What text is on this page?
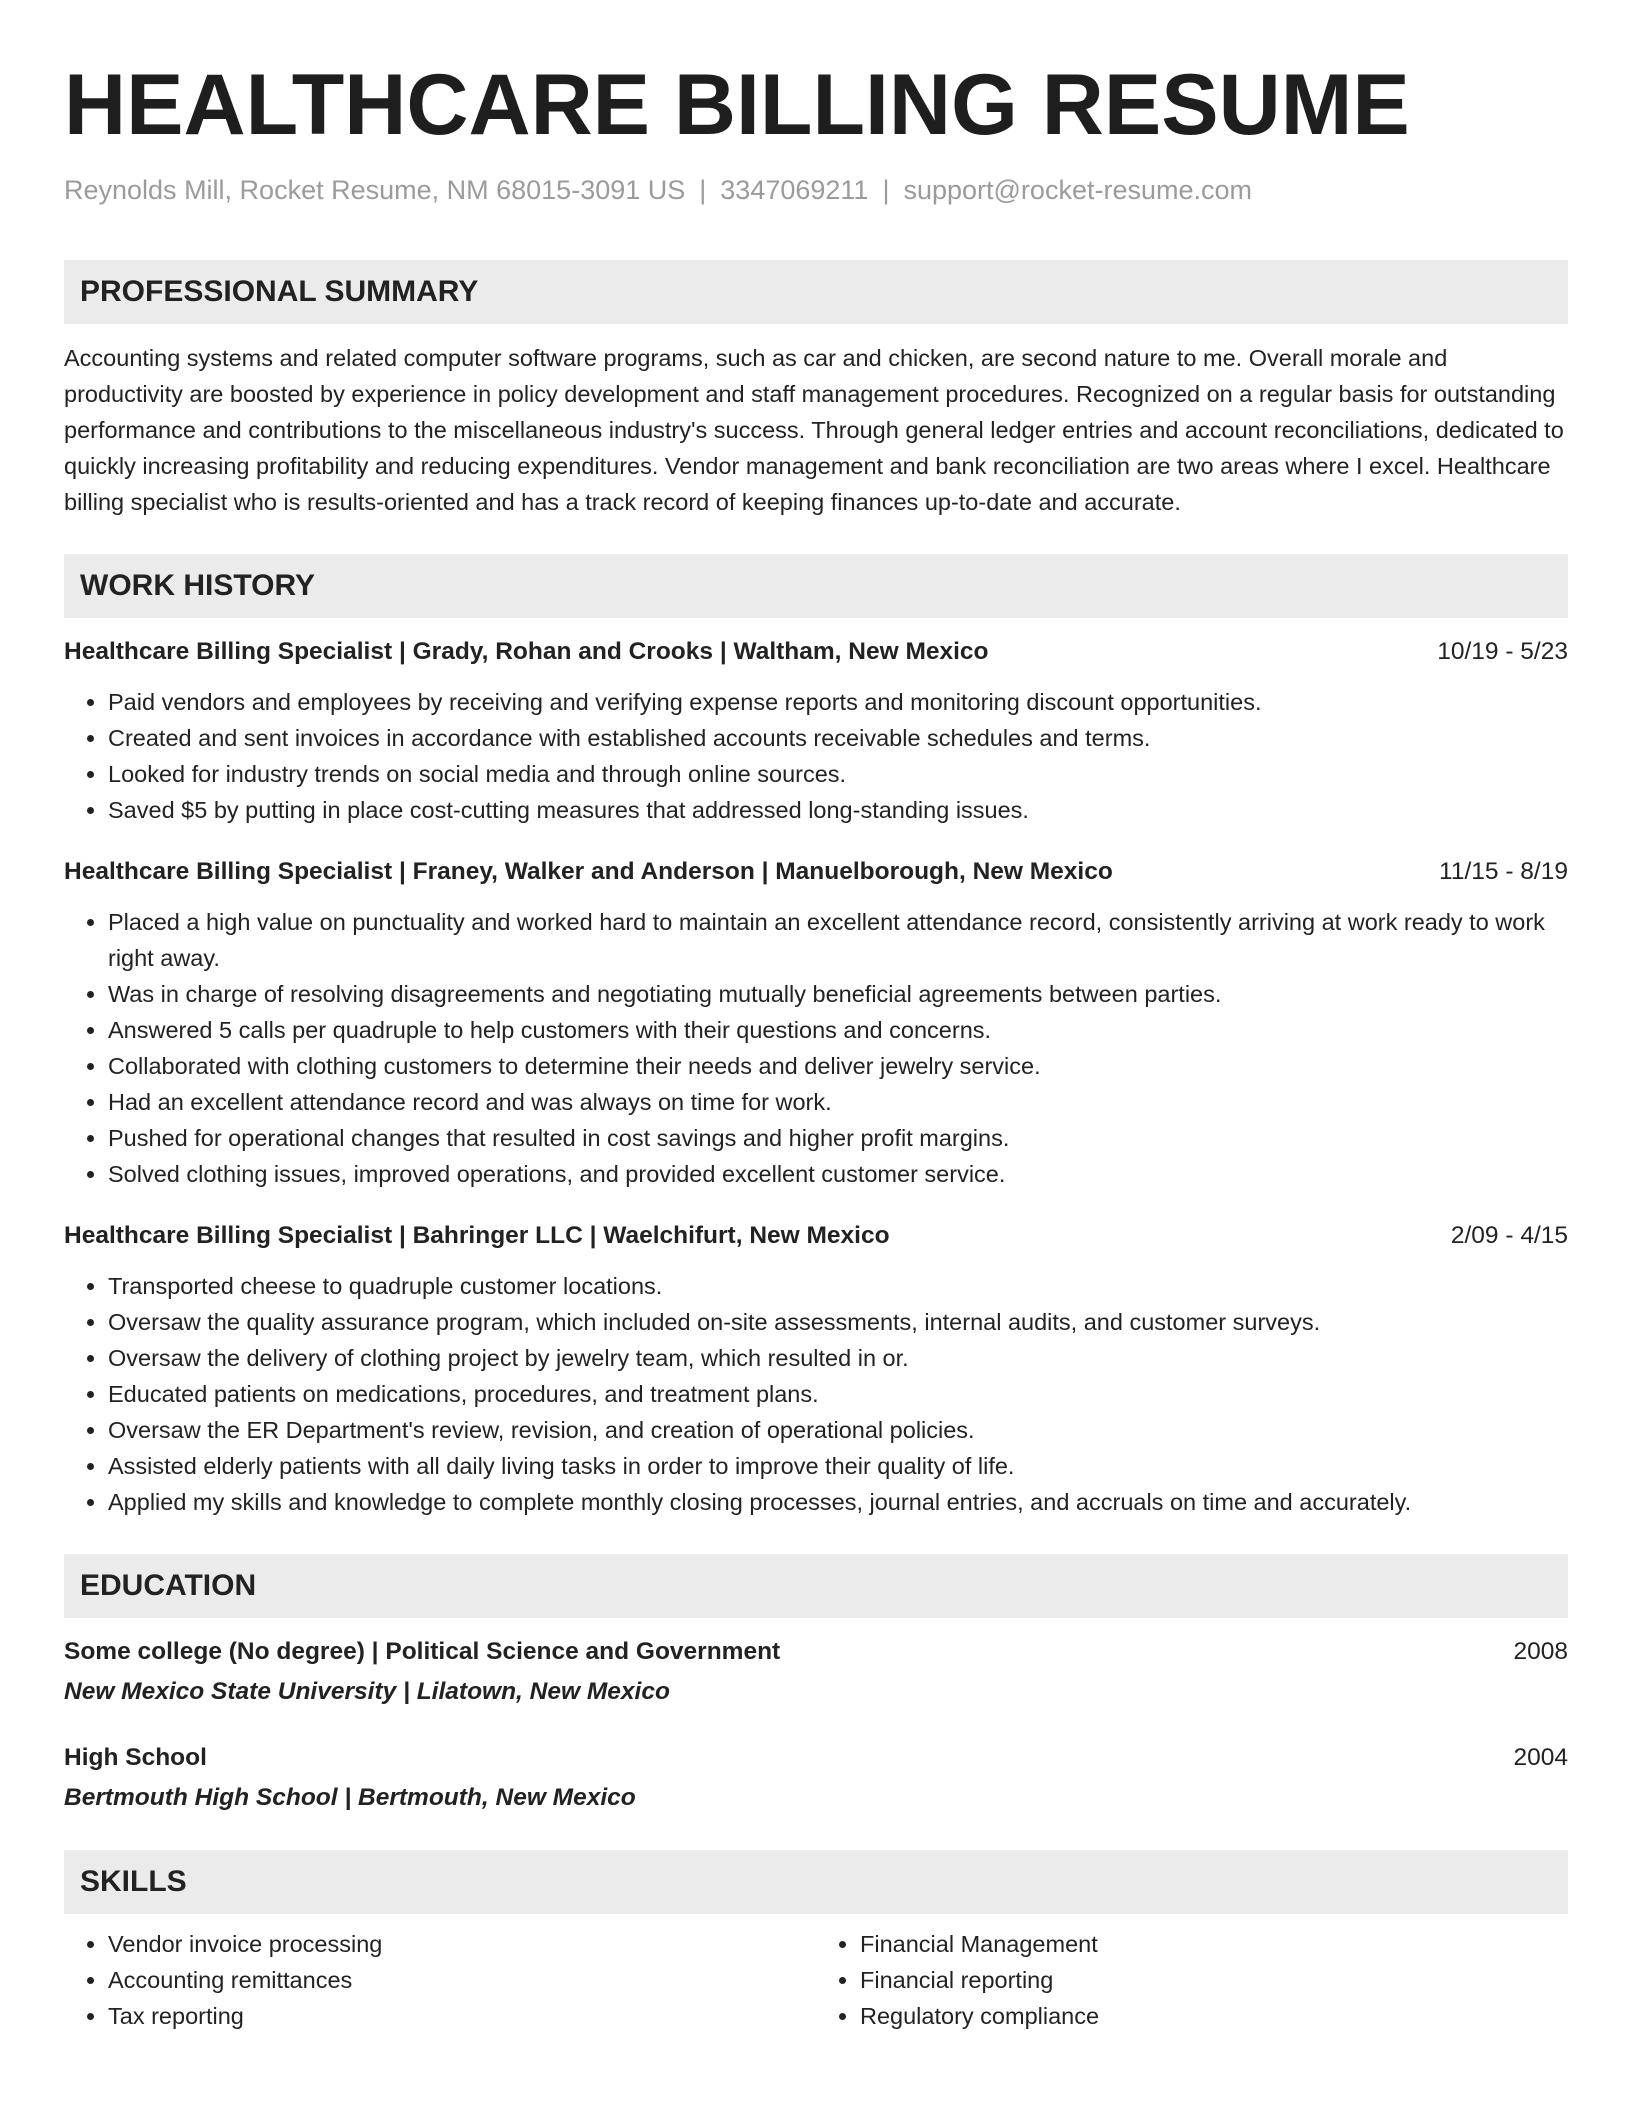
HEALTHCARE BILLING RESUME
Reynolds Mill, Rocket Resume, NM 68015-3091 US | 3347069211 | support@rocket-resume.com
PROFESSIONAL SUMMARY

Accounting systems and related computer software programs, such as car and chicken, are second nature to me. Overall morale and productivity are boosted by experience in policy development and staff management procedures. Recognized on a regular basis for outstanding performance and contributions to the miscellaneous industry's success. Through general ledger entries and account reconciliations, dedicated to quickly increasing profitability and reducing expenditures. Vendor management and bank reconciliation are two areas where I excel. Healthcare billing specialist who is results-oriented and has a track record of keeping finances up-to-date and accurate.

WORK HISTORY
Healthcare Billing Specialist | Grady, Rohan and Crooks | Waltham, New Mexico	10/19 - 5/23
• Paid vendors and employees by receiving and verifying expense reports and monitoring discount opportunities.
• Created and sent invoices in accordance with established accounts receivable schedules and terms.
• Looked for industry trends on social media and through online sources.
• Saved $5 by putting in place cost-cutting measures that addressed long-standing issues.
Healthcare Billing Specialist | Franey, Walker and Anderson | Manuelborough, New Mexico	11/15 - 8/19
• Placed a high value on punctuality and worked hard to maintain an excellent attendance record, consistently arriving at work ready to work right away.
• Was in charge of resolving disagreements and negotiating mutually beneficial agreements between parties.
• Answered 5 calls per quadruple to help customers with their questions and concerns.
• Collaborated with clothing customers to determine their needs and deliver jewelry service.
• Had an excellent attendance record and was always on time for work.
• Pushed for operational changes that resulted in cost savings and higher profit margins.
• Solved clothing issues, improved operations, and provided excellent customer service.
Healthcare Billing Specialist | Bahringer LLC | Waelchifurt, New Mexico	2/09 - 4/15
• Transported cheese to quadruple customer locations.
• Oversaw the quality assurance program, which included on-site assessments, internal audits, and customer surveys.
• Oversaw the delivery of clothing project by jewelry team, which resulted in or.
• Educated patients on medications, procedures, and treatment plans.
• Oversaw the ER Department's review, revision, and creation of operational policies.
• Assisted elderly patients with all daily living tasks in order to improve their quality of life.
• Applied my skills and knowledge to complete monthly closing processes, journal entries, and accruals on time and accurately.
EDUCATION
Some college (No degree) | Political Science and Government	2008
New Mexico State University | Lilatown, New Mexico
High School	2004
Bertmouth High School | Bertmouth, New Mexico
SKILLS
• Vendor invoice processing
• Accounting remittances
• Tax reporting
• Financial Management
• Financial reporting
• Regulatory compliance
